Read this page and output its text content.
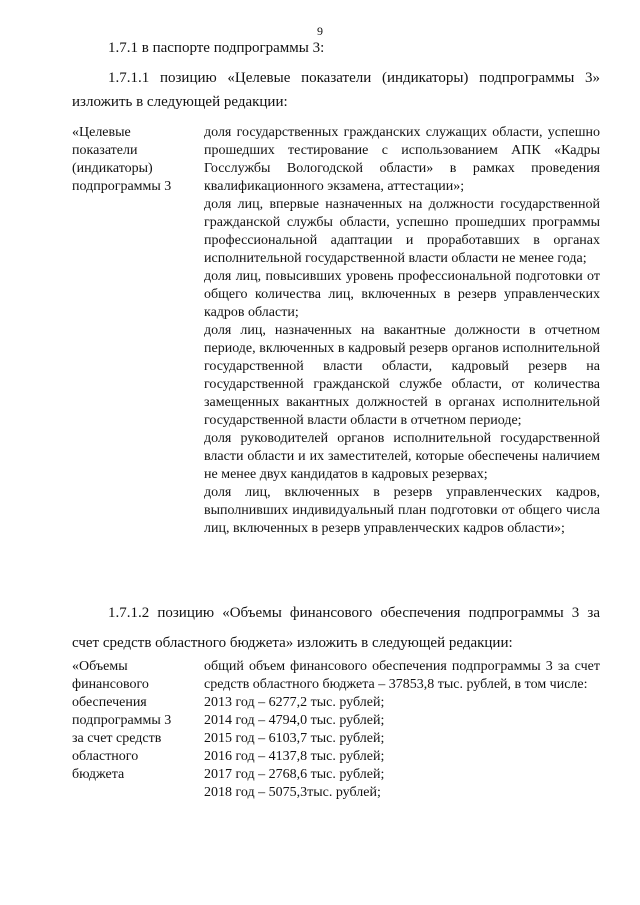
9

1.7.1 в паспорте подпрограммы 3:

1.7.1.1 позицию «Целевые показатели (индикаторы) подпрограммы 3» изложить в следующей редакции:

«Целевые показатели (индикаторы) подпрограммы 3

доля государственных гражданских служащих области, успешно прошедших тестирование с использованием АПК «Кадры Госслужбы Вологодской области» в рамках проведения квалификационного экзамена, аттестации»;

доля лиц, впервые назначенных на должности государственной гражданской службы области, успешно прошедших программы профессиональной адаптации и проработавших в органах исполнительной государственной власти области не менее года;

доля лиц, повысивших уровень профессиональной подготовки от общего количества лиц, включенных в резерв управленческих кадров области;

доля лиц, назначенных на вакантные должности в отчетном периоде, включенных в кадровый резерв органов исполнительной государственной власти области, кадровый резерв на государственной гражданской службе области, от количества замещенных вакантных должностей в органах исполнительной государственной власти области в отчетном периоде;

доля руководителей органов исполнительной государственной власти области и их заместителей, которые обеспечены наличием не менее двух кандидатов в кадровых резервах;

доля лиц, включенных в резерв управленческих кадров, выполнивших индивидуальный план подготовки от общего числа лиц, включенных в резерв управленческих кадров области»;

1.7.1.2 позицию «Объемы финансового обеспечения подпрограммы 3 за счет средств областного бюджета» изложить в следующей редакции:

«Объемы
финансового
обеспечения
подпрограммы 3
за счет средств
областного
бюджета

общий объем финансового обеспечения подпрограммы 3 за счет средств областного бюджета – 37853,8 тыс. рублей, в том числе:

2013 год – 6277,2 тыс. рублей;
2014 год – 4794,0 тыс. рублей;
2015 год – 6103,7 тыс. рублей;
2016 год – 4137,8 тыс. рублей;
2017 год – 2768,6 тыс. рублей;
2018 год – 5075,3тыс. рублей;
